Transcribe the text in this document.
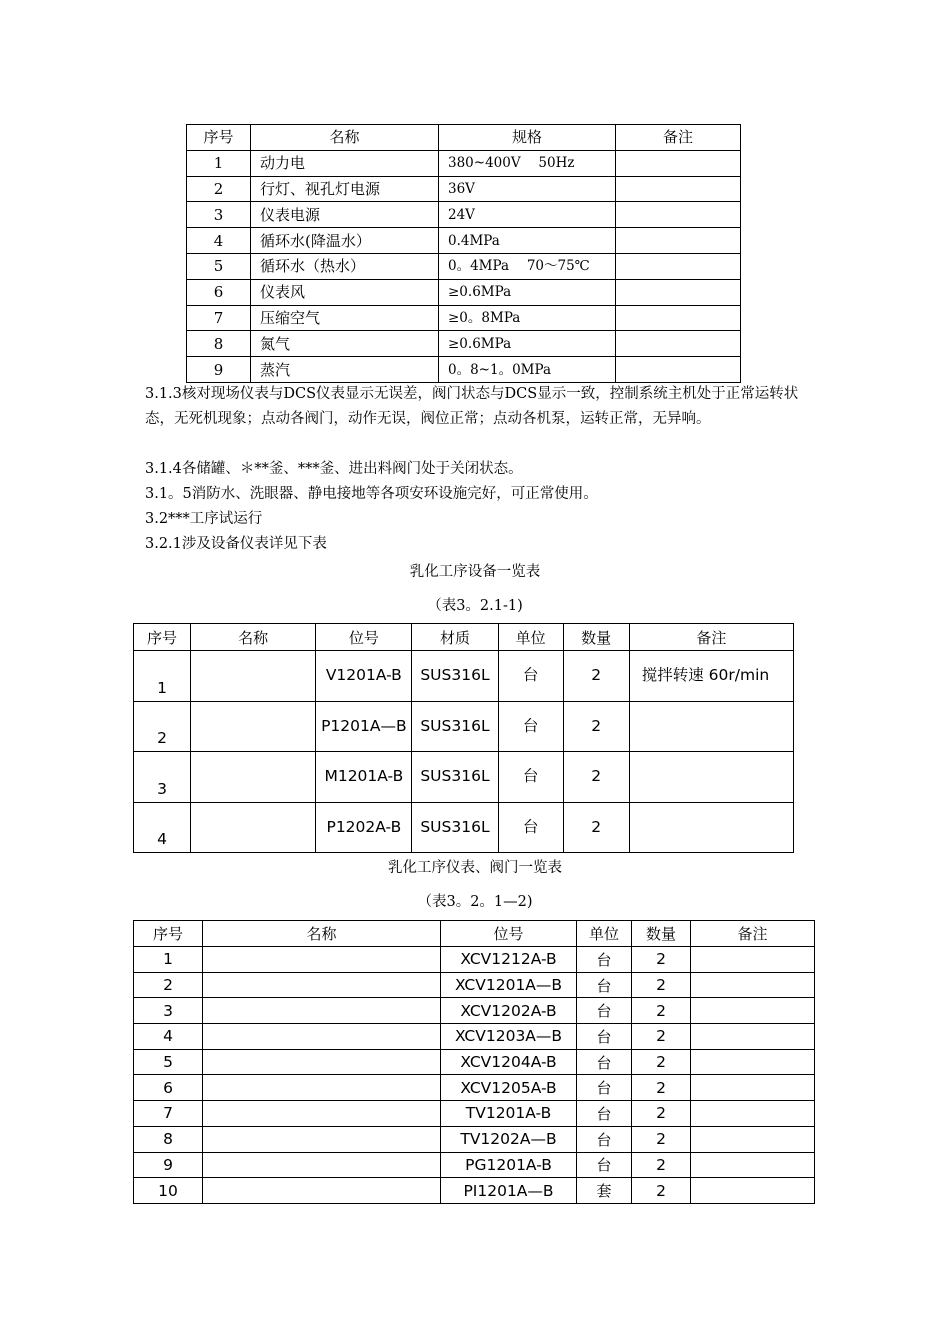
序号	名称	规格	备注
1	动力电	380~400V　 50Hz	
2	行灯、视孔灯电源	36V	
3	仪表电源	24V	
4	循环水(降温水）	0.4MPa	
5	循环水（热水）	0。4MPa　 70～75℃	
6	仪表风	≥0.6MPa	
7	压缩空气	≥0。8MPa	
8	氮气	≥0.6MPa	
9	蒸汽	0。8~1。0MPa	
3.1.3核对现场仪表与DCS仪表显示无误差，阀门状态与DCS显示一致，控制系统主机处于正常运转状态，无死机现象；点动各阀门，动作无误，阀位正常；点动各机泵，运转正常，无异响。
3.1.4各储罐、＊**釜、***釜、进出料阀门处于关闭状态。
3.1。5消防水、洗眼器、静电接地等各项安环设施完好，可正常使用。
3.2***工序试运行
3.2.1涉及设备仪表详见下表
乳化工序设备一览表
（表3。2.1-1)
序号	名称	位号	材质	单位	数量	备注
1		V1201A-B	SUS316L	台	2	搅拌转速 60r/min
2		P1201A—B	SUS316L	台	2	
3		M1201A-B	SUS316L	台	2	
4		P1202A-B	SUS316L	台	2	
乳化工序仪表、阀门一览表
（表3。2。1—2)
序号	名称	位号	单位	数量	备注
1		XCV1212A-B	台	2	
2		XCV1201A—B	台	2	
3		XCV1202A-B	台	2	
4		XCV1203A—B	台	2	
5		XCV1204A-B	台	2	
6		XCV1205A-B	台	2	
7		TV1201A-B	台	2	
8		TV1202A—B	台	2	
9		PG1201A-B	台	2	
10		PI1201A—B	套	2	
